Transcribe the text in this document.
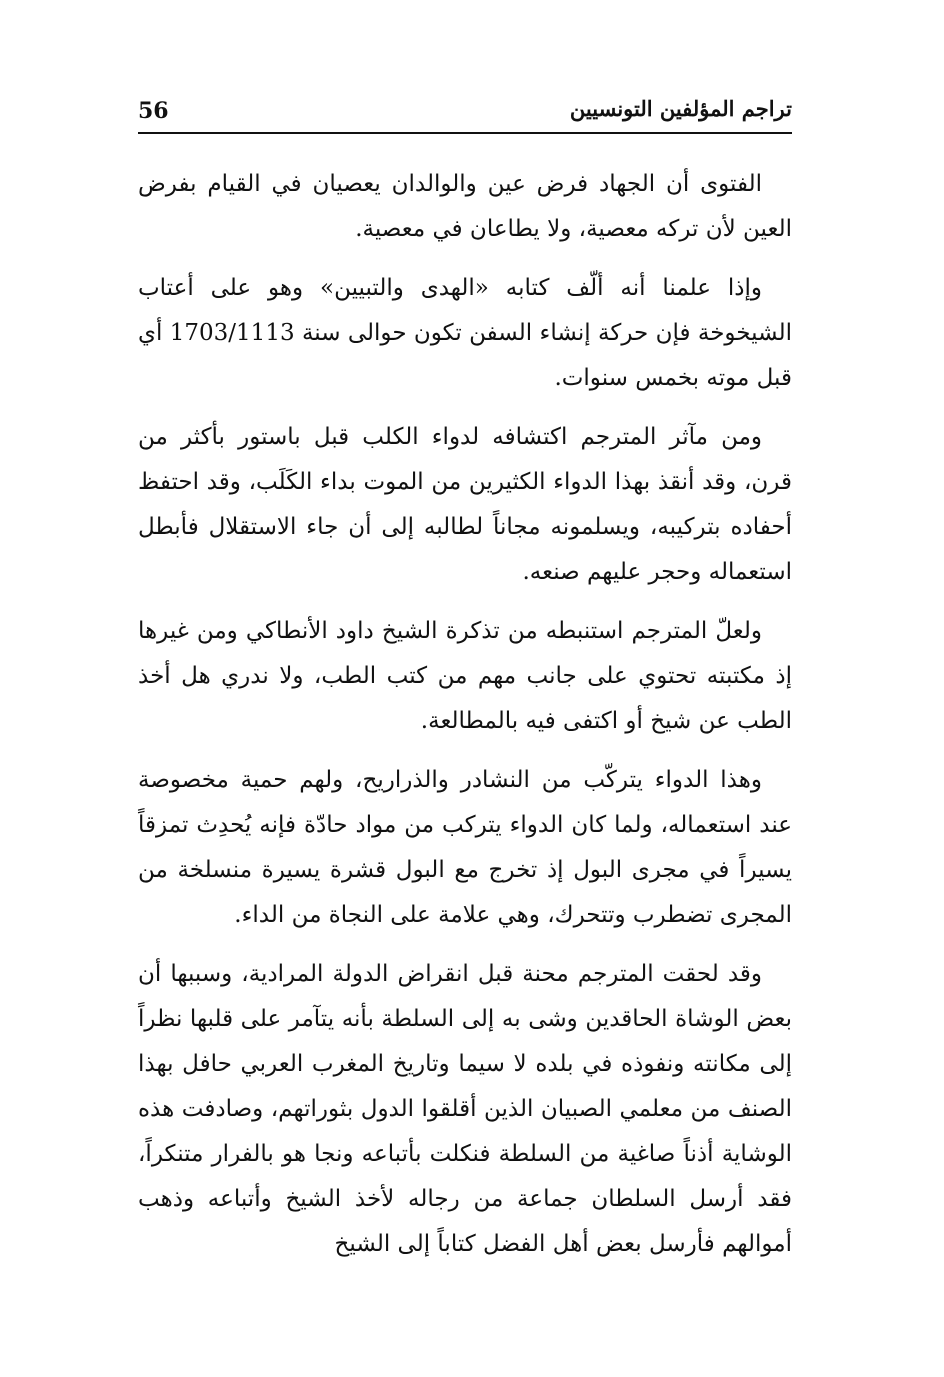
56	تراجم المؤلفين التونسيين

الفتوى أن الجهاد فرض عين والوالدان يعصيان في القيام بفرض العين لأن تركه معصية، ولا يطاعان في معصية.

وإذا علمنا أنه ألّف كتابه «الهدى والتبيين» وهو على أعتاب الشيخوخة فإن حركة إنشاء السفن تكون حوالى سنة 1703/1113 أي قبل موته بخمس سنوات.

ومن مآثر المترجم اكتشافه لدواء الكلب قبل باستور بأكثر من قرن، وقد أنقذ بهذا الدواء الكثيرين من الموت بداء الكَلَب، وقد احتفظ أحفاده بتركيبه، ويسلمونه مجاناً لطالبه إلى أن جاء الاستقلال فأبطل استعماله وحجر عليهم صنعه.

ولعلّ المترجم استنبطه من تذكرة الشيخ داود الأنطاكي ومن غيرها إذ مكتبته تحتوي على جانب مهم من كتب الطب، ولا ندري هل أخذ الطب عن شيخ أو اكتفى فيه بالمطالعة.

وهذا الدواء يتركّب من النشادر والذراريح، ولهم حمية مخصوصة عند استعماله، ولما كان الدواء يتركب من مواد حادّة فإنه يُحدِث تمزقاً يسيراً في مجرى البول إذ تخرج مع البول قشرة يسيرة منسلخة من المجرى تضطرب وتتحرك، وهي علامة على النجاة من الداء.

وقد لحقت المترجم محنة قبل انقراض الدولة المرادية، وسببها أن بعض الوشاة الحاقدين وشى به إلى السلطة بأنه يتآمر على قلبها نظراً إلى مكانته ونفوذه في بلده لا سيما وتاريخ المغرب العربي حافل بهذا الصنف من معلمي الصبيان الذين أقلقوا الدول بثوراتهم، وصادفت هذه الوشاية أذناً صاغية من السلطة فنكلت بأتباعه ونجا هو بالفرار متنكراً، فقد أرسل السلطان جماعة من رجاله لأخذ الشيخ وأتباعه وذهب أموالهم فأرسل بعض أهل الفضل كتاباً إلى الشيخ
